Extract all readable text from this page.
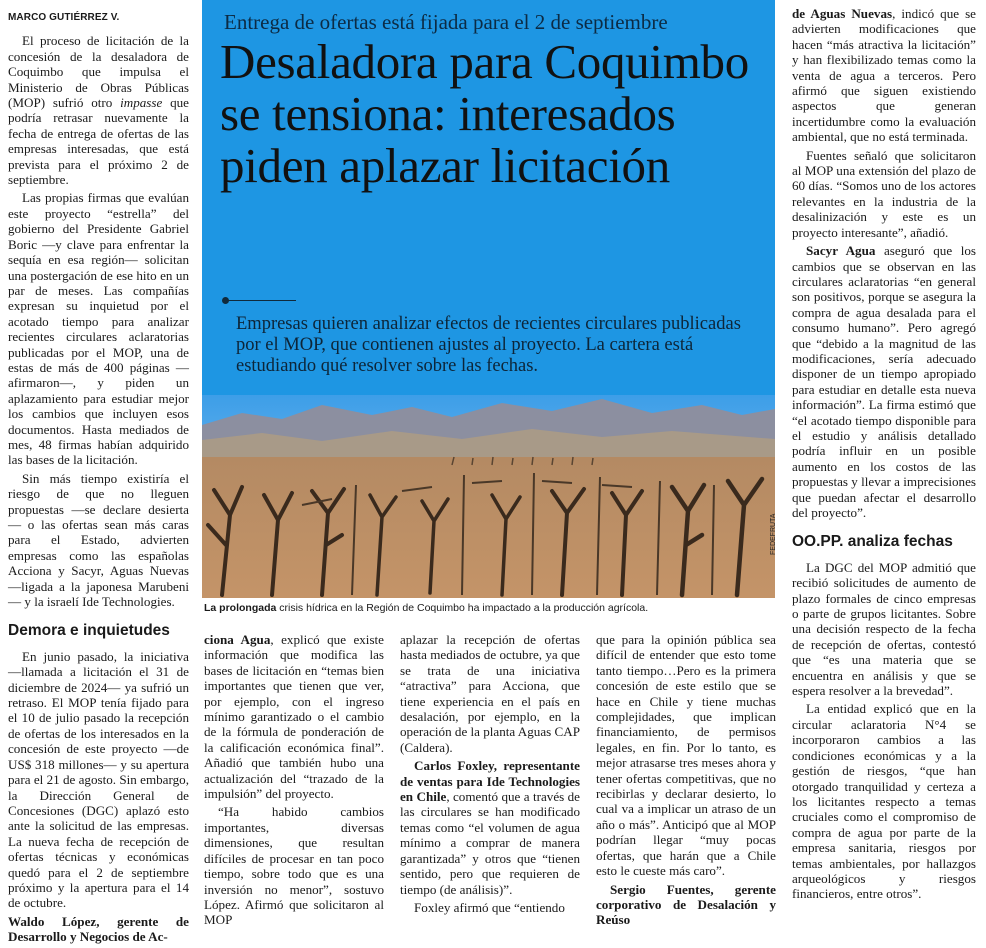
MARCO GUTIÉRREZ V.

El proceso de licitación de la concesión de la desaladora de Coquimbo que impulsa el Ministerio de Obras Públicas (MOP) sufrió otro impasse que podría retrasar nuevamente la fecha de entrega de ofertas de las empresas interesadas, que está prevista para el próximo 2 de septiembre.

Las propias firmas que evalúan este proyecto “estrella” del gobierno del Presidente Gabriel Boric —y clave para enfrentar la sequía en esa región— solicitan una postergación de ese hito en un par de meses. Las compañías expresan su inquietud por el acotado tiempo para analizar recientes circulares aclaratorias publicadas por el MOP, una de estas de más de 400 páginas —afirmaron—, y piden un aplazamiento para estudiar mejor los cambios que incluyen esos documentos. Hasta mediados de mes, 48 firmas habían adquirido las bases de la licitación.

Sin más tiempo existiría el riesgo de que no lleguen propuestas —se declare desierta— o las ofertas sean más caras para el Estado, advierten empresas como las españolas Acciona y Sacyr, Aguas Nuevas —ligada a la japonesa Marubeni— y la israelí Ide Technologies.

Demora e inquietudes

En junio pasado, la iniciativa —llamada a licitación el 31 de diciembre de 2024— ya sufrió un retraso. El MOP tenía fijado para el 10 de julio pasado la recepción de ofertas de los interesados en la concesión de este proyecto —de US$ 318 millones— y su apertura para el 21 de agosto. Sin embargo, la Dirección General de Concesiones (DGC) aplazó esto ante la solicitud de las empresas. La nueva fecha de recepción de ofertas técnicas y económicas quedó para el 2 de septiembre próximo y la apertura para el 14 de octubre.

Waldo López, gerente de Desarrollo y Negocios de Ac-

Entrega de ofertas está fijada para el 2 de septiembre
Desaladora para Coquimbo se tensiona: interesados piden aplazar licitación
Empresas quieren analizar efectos de recientes circulares publicadas por el MOP, que contienen ajustes al proyecto. La cartera está estudiando qué resolver sobre las fechas.
FEDEFRUTA
La prolongada crisis hídrica en la Región de Coquimbo ha impactado a la producción agrícola.

ciona Agua, explicó que existe información que modifica las bases de licitación en “temas bien importantes que tienen que ver, por ejemplo, con el ingreso mínimo garantizado o el cambio de la fórmula de ponderación de la calificación económica final”. Añadió que también hubo una actualización del “trazado de la impulsión” del proyecto.

“Ha habido cambios importantes, diversas dimensiones, que resultan difíciles de procesar en tan poco tiempo, sobre todo que es una inversión no menor”, sostuvo López. Afirmó que solicitaron al MOP

aplazar la recepción de ofertas hasta mediados de octubre, ya que se trata de una iniciativa “atractiva” para Acciona, que tiene experiencia en el país en desalación, por ejemplo, en la operación de la planta Aguas CAP (Caldera).

Carlos Foxley, representante de ventas para Ide Technologies en Chile, comentó que a través de las circulares se han modificado temas como “el volumen de agua mínimo a comprar de manera garantizada” y otros que “tienen sentido, pero que requieren de tiempo (de análisis)”.

Foxley afirmó que “entiendo

que para la opinión pública sea difícil de entender que esto tome tanto tiempo…Pero es la primera concesión de este estilo que se hace en Chile y tiene muchas complejidades, que implican financiamiento, de permisos legales, en fin. Por lo tanto, es mejor atrasarse tres meses ahora y tener ofertas competitivas, que no recibirlas y declarar desierto, lo cual va a implicar un atraso de un año o más”. Anticipó que al MOP podrían llegar “muy pocas ofertas, que harán que a Chile esto le cueste más caro”.

Sergio Fuentes, gerente corporativo de Desalación y Reúso

de Aguas Nuevas, indicó que se advierten modificaciones que hacen “más atractiva la licitación” y han flexibilizado temas como la venta de agua a terceros. Pero afirmó que siguen existiendo aspectos que generan incertidumbre como la evaluación ambiental, que no está terminada.

Fuentes señaló que solicitaron al MOP una extensión del plazo de 60 días. “Somos uno de los actores relevantes en la industria de la desalinización y este es un proyecto interesante”, añadió.

Sacyr Agua aseguró que los cambios que se observan en las circulares aclaratorias “en general son positivos, porque se asegura la compra de agua desalada para el consumo humano”. Pero agregó que “debido a la magnitud de las modificaciones, sería adecuado disponer de un tiempo apropiado para estudiar en detalle esta nueva información”. La firma estimó que “el acotado tiempo disponible para el estudio y análisis detallado podría influir en un posible aumento en los costos de las propuestas y llevar a imprecisiones que puedan afectar el desarrollo del proyecto”.

OO.PP. analiza fechas

La DGC del MOP admitió que recibió solicitudes de aumento de plazo formales de cinco empresas o parte de grupos licitantes. Sobre una decisión respecto de la fecha de recepción de ofertas, contestó que “es una materia que se encuentra en análisis y que se espera resolver a la brevedad”.

La entidad explicó que en la circular aclaratoria N°4 se incorporaron cambios a las condiciones económicas y a la gestión de riesgos, “que han otorgado tranquilidad y certeza a los licitantes respecto a temas cruciales como el compromiso de compra de agua por parte de la empresa sanitaria, riesgos por temas ambientales, por hallazgos arqueológicos y riesgos financieros, entre otros”.
